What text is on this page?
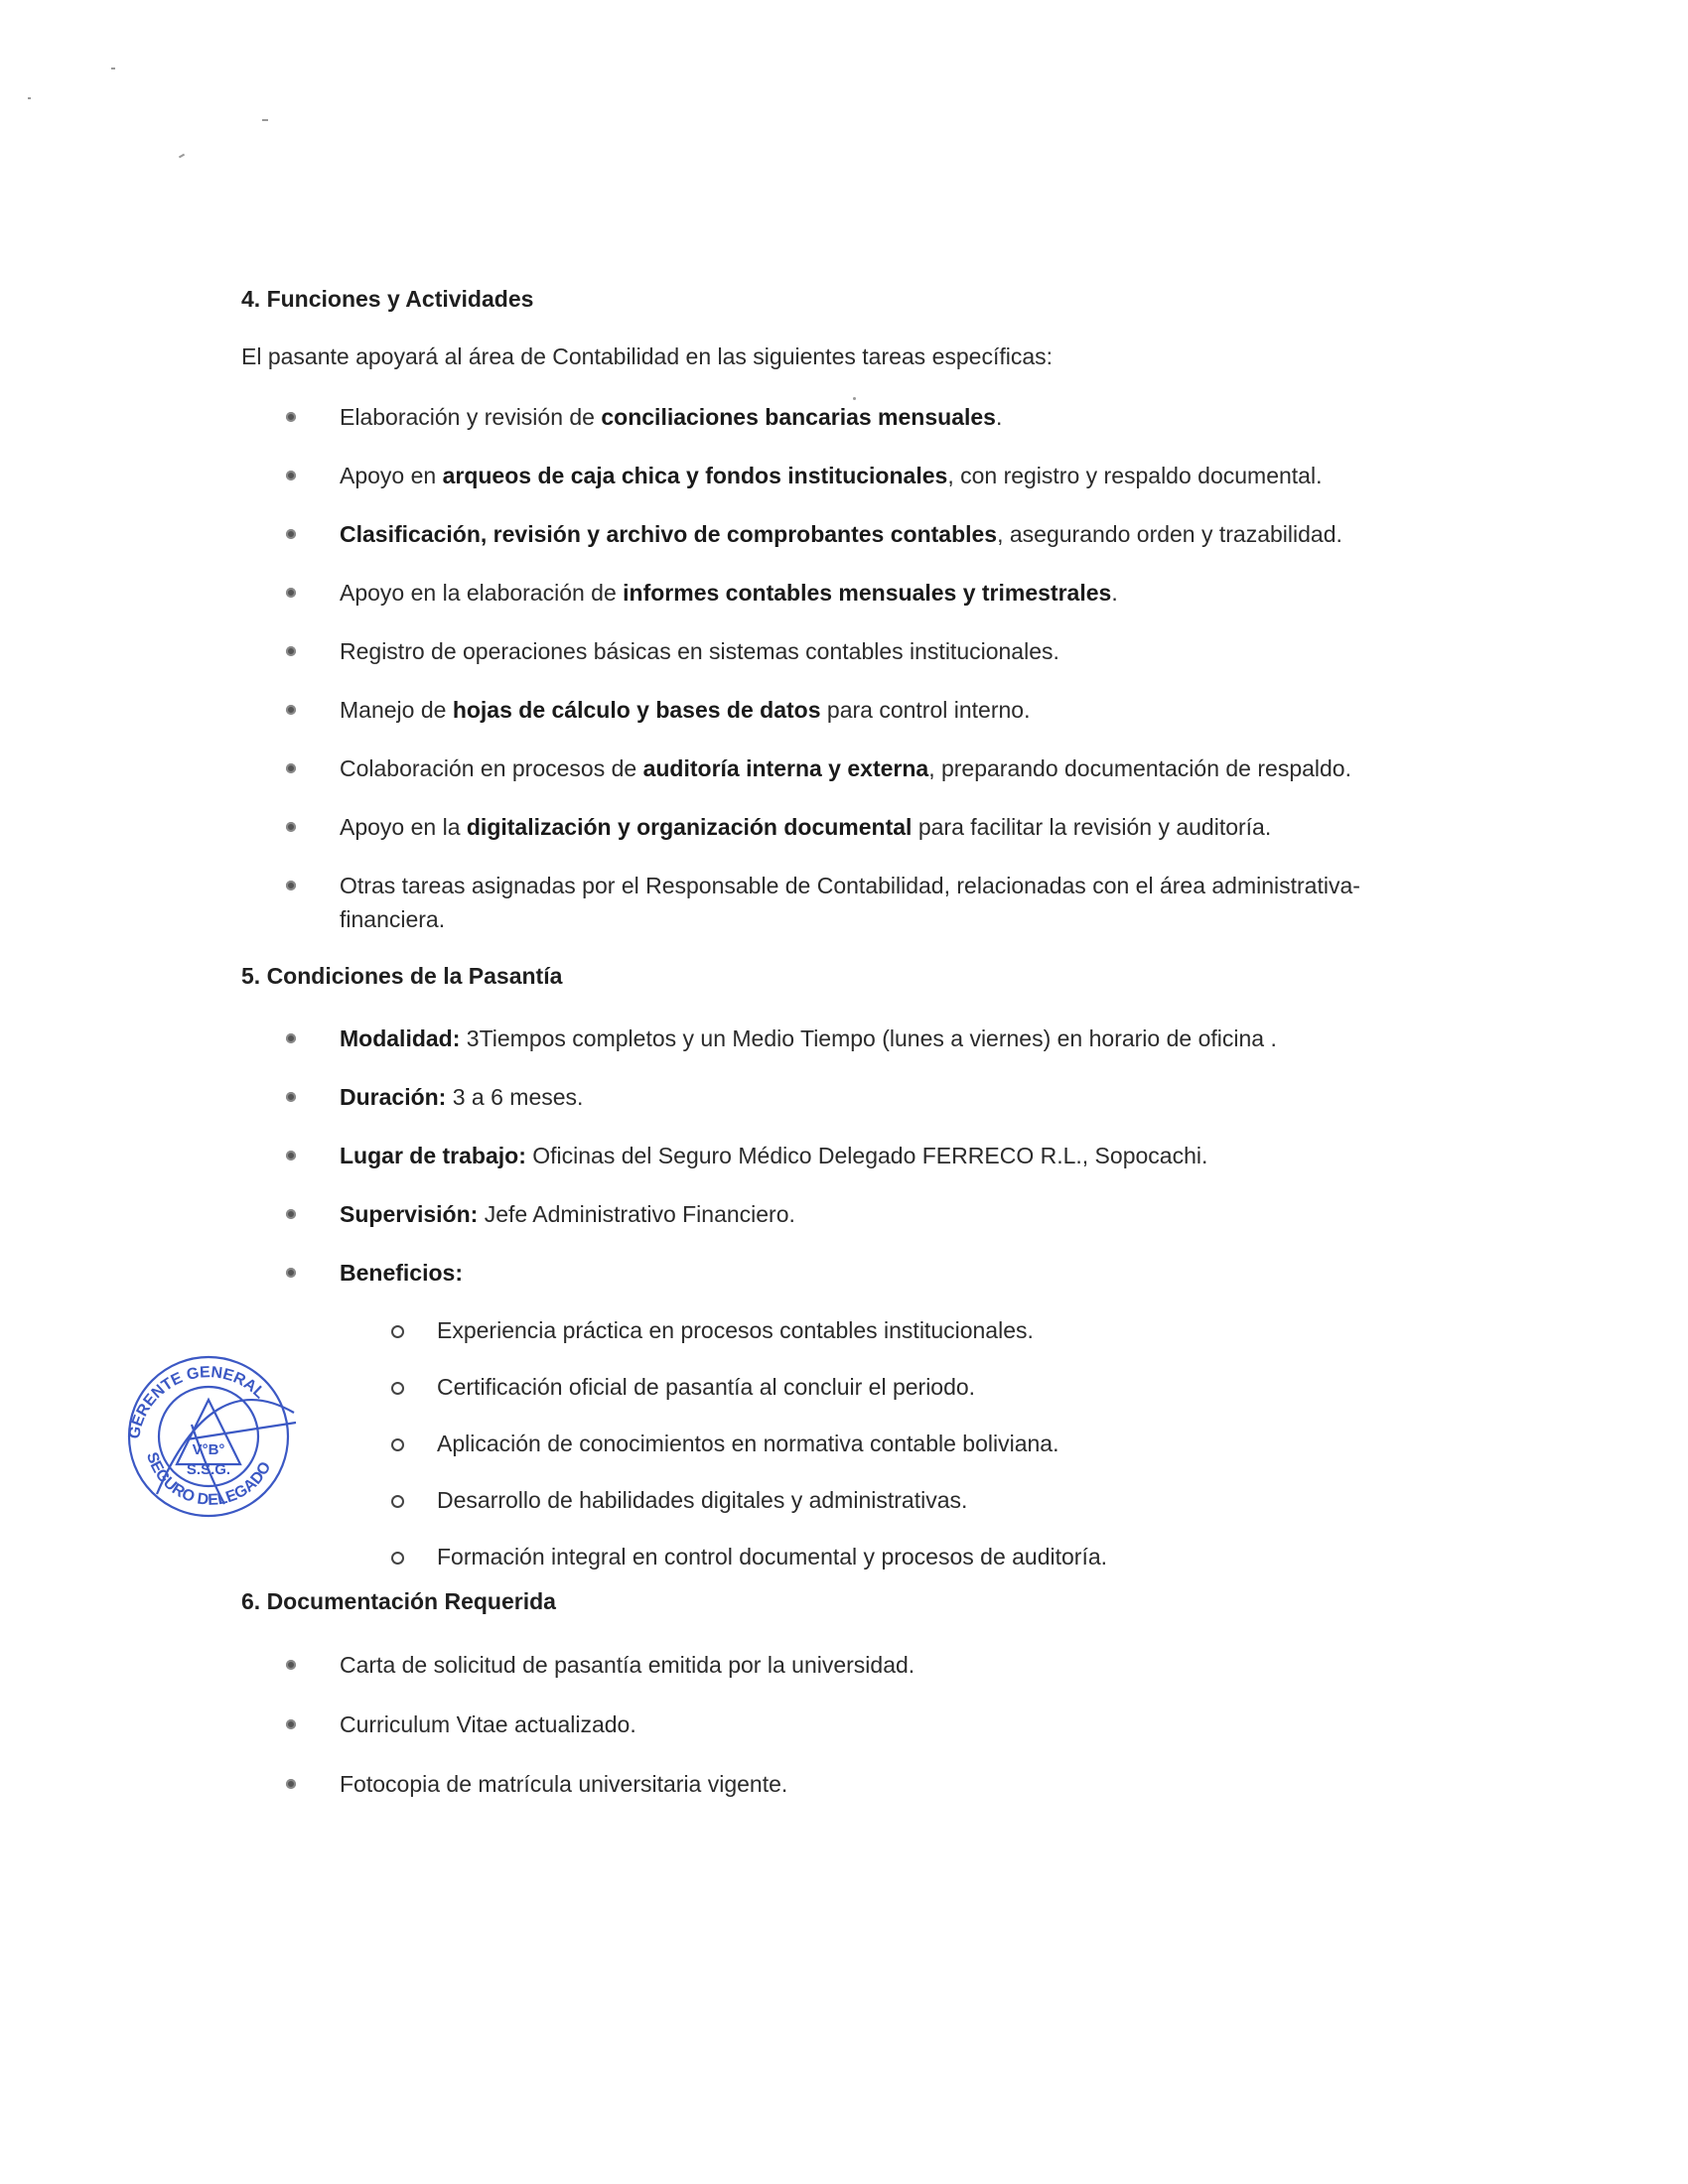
4. Funciones y Actividades
El pasante apoyará al área de Contabilidad en las siguientes tareas específicas:
Elaboración y revisión de conciliaciones bancarias mensuales.
Apoyo en arqueos de caja chica y fondos institucionales, con registro y respaldo documental.
Clasificación, revisión y archivo de comprobantes contables, asegurando orden y trazabilidad.
Apoyo en la elaboración de informes contables mensuales y trimestrales.
Registro de operaciones básicas en sistemas contables institucionales.
Manejo de hojas de cálculo y bases de datos para control interno.
Colaboración en procesos de auditoría interna y externa, preparando documentación de respaldo.
Apoyo en la digitalización y organización documental para facilitar la revisión y auditoría.
Otras tareas asignadas por el Responsable de Contabilidad, relacionadas con el área administrativa-financiera.
5. Condiciones de la Pasantía
Modalidad: 3Tiempos completos y un Medio Tiempo (lunes a viernes) en horario de oficina .
Duración: 3 a 6 meses.
Lugar de trabajo: Oficinas del Seguro Médico Delegado FERRECO R.L., Sopocachi.
Supervisión: Jefe Administrativo Financiero.
Beneficios:
Experiencia práctica en procesos contables institucionales.
Certificación oficial de pasantía al concluir el periodo.
Aplicación de conocimientos en normativa contable boliviana.
Desarrollo de habilidades digitales y administrativas.
Formación integral en control documental y procesos de auditoría.
6. Documentación Requerida
Carta de solicitud de pasantía emitida por la universidad.
Curriculum Vitae actualizado.
Fotocopia de matrícula universitaria vigente.
GERENTE GENERAL
SEGURO DELEGADO
V°B°
S.S.G.
